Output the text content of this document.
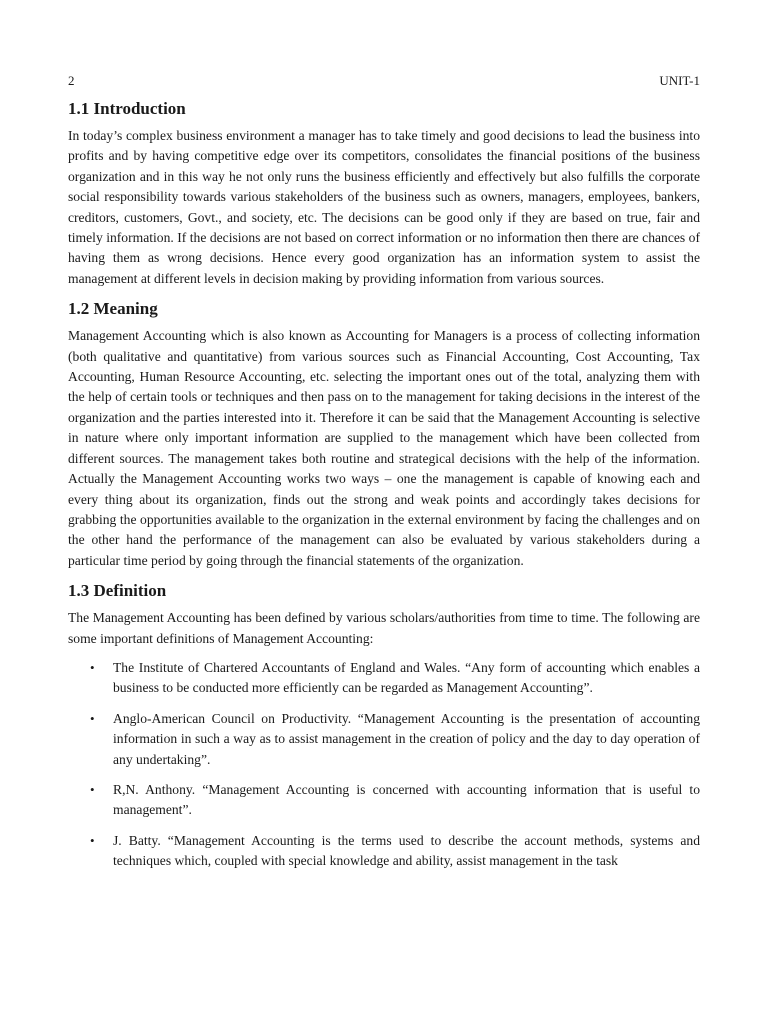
2	UNIT-1
1.1 Introduction

In today’s complex business environment a manager has to take timely and good decisions to lead the business into profits and by having competitive edge over its competitors, consolidates the financial positions of the business organization and in this way he not only runs the business efficiently and effectively but also fulfills the corporate social responsibility towards various stakeholders of the business such as owners, managers, employees, bankers, creditors, customers, Govt., and society, etc. The decisions can be good only if they are based on true, fair and timely information. If the decisions are not based on correct information or no information then there are chances of having them as wrong decisions. Hence every good organization has an information system to assist the management at different levels in decision making by providing information from various sources.

1.2 Meaning

Management Accounting which is also known as Accounting for Managers is a process of collecting information (both qualitative and quantitative) from various sources such as Financial Accounting, Cost Accounting, Tax Accounting, Human Resource Accounting, etc. selecting the important ones out of the total, analyzing them with the help of certain tools or techniques and then pass on to the management for taking decisions in the interest of the organization and the parties interested into it. Therefore it can be said that the Management Accounting is selective in nature where only important information are supplied to the management which have been collected from different sources. The management takes both routine and strategical decisions with the help of the information. Actually the Management Accounting works two ways – one the management is capable of knowing each and every thing about its organization, finds out the strong and weak points and accordingly takes decisions for grabbing the opportunities available to the organization in the external environment by facing the challenges and on the other hand the performance of the management can also be evaluated by various stakeholders during a particular time period by going through the financial statements of the organization.

1.3 Definition

The Management Accounting has been defined by various scholars/authorities from time to time. The following are some important definitions of Management Accounting:

• The Institute of Chartered Accountants of England and Wales. “Any form of accounting which enables a business to be conducted more efficiently can be regarded as Management Accounting”.
• Anglo-American Council on Productivity. “Management Accounting is the presentation of accounting information in such a way as to assist management in the creation of policy and the day to day operation of any undertaking”.
• R,N. Anthony. “Management Accounting is concerned with accounting information that is useful to management”.
• J. Batty. “Management Accounting is the terms used to describe the account methods, systems and techniques which, coupled with special knowledge and ability, assist management in the task
